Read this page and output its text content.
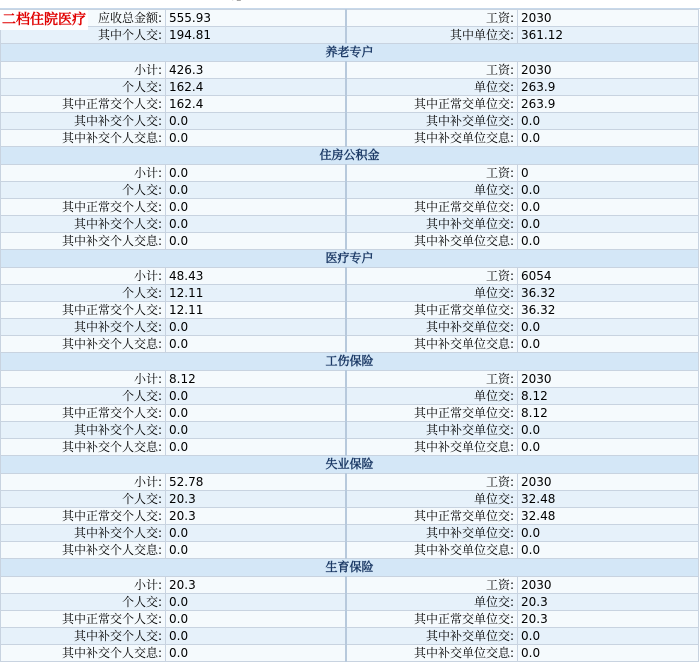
〜
二档住院医疗 应收总金额:	555.93	工资:	2030
其中个人交:	194.81	其中单位交:	361.12
养老专户			
小计:	426.3	工资:	2030
个人交:	162.4	单位交:	263.9
其中正常交个人交:	162.4	其中正常交单位交:	263.9
其中补交个人交:	0.0	其中补交单位交:	0.0
其中补交个人交息:	0.0	其中补交单位交息:	0.0
住房公积金			
小计:	0.0	工资:	0
个人交:	0.0	单位交:	0.0
其中正常交个人交:	0.0	其中正常交单位交:	0.0
其中补交个人交:	0.0	其中补交单位交:	0.0
其中补交个人交息:	0.0	其中补交单位交息:	0.0
医疗专户			
小计:	48.43	工资:	6054
个人交:	12.11	单位交:	36.32
其中正常交个人交:	12.11	其中正常交单位交:	36.32
其中补交个人交:	0.0	其中补交单位交:	0.0
其中补交个人交息:	0.0	其中补交单位交息:	0.0
工伤保险			
小计:	8.12	工资:	2030
个人交:	0.0	单位交:	8.12
其中正常交个人交:	0.0	其中正常交单位交:	8.12
其中补交个人交:	0.0	其中补交单位交:	0.0
其中补交个人交息:	0.0	其中补交单位交息:	0.0
失业保险			
小计:	52.78	工资:	2030
个人交:	20.3	单位交:	32.48
其中正常交个人交:	20.3	其中正常交单位交:	32.48
其中补交个人交:	0.0	其中补交单位交:	0.0
其中补交个人交息:	0.0	其中补交单位交息:	0.0
生育保险			
小计:	20.3	工资:	2030
个人交:	0.0	单位交:	20.3
其中正常交个人交:	0.0	其中正常交单位交:	20.3
其中补交个人交:	0.0	其中补交单位交:	0.0
其中补交个人交息:	0.0	其中补交单位交息:	0.0
